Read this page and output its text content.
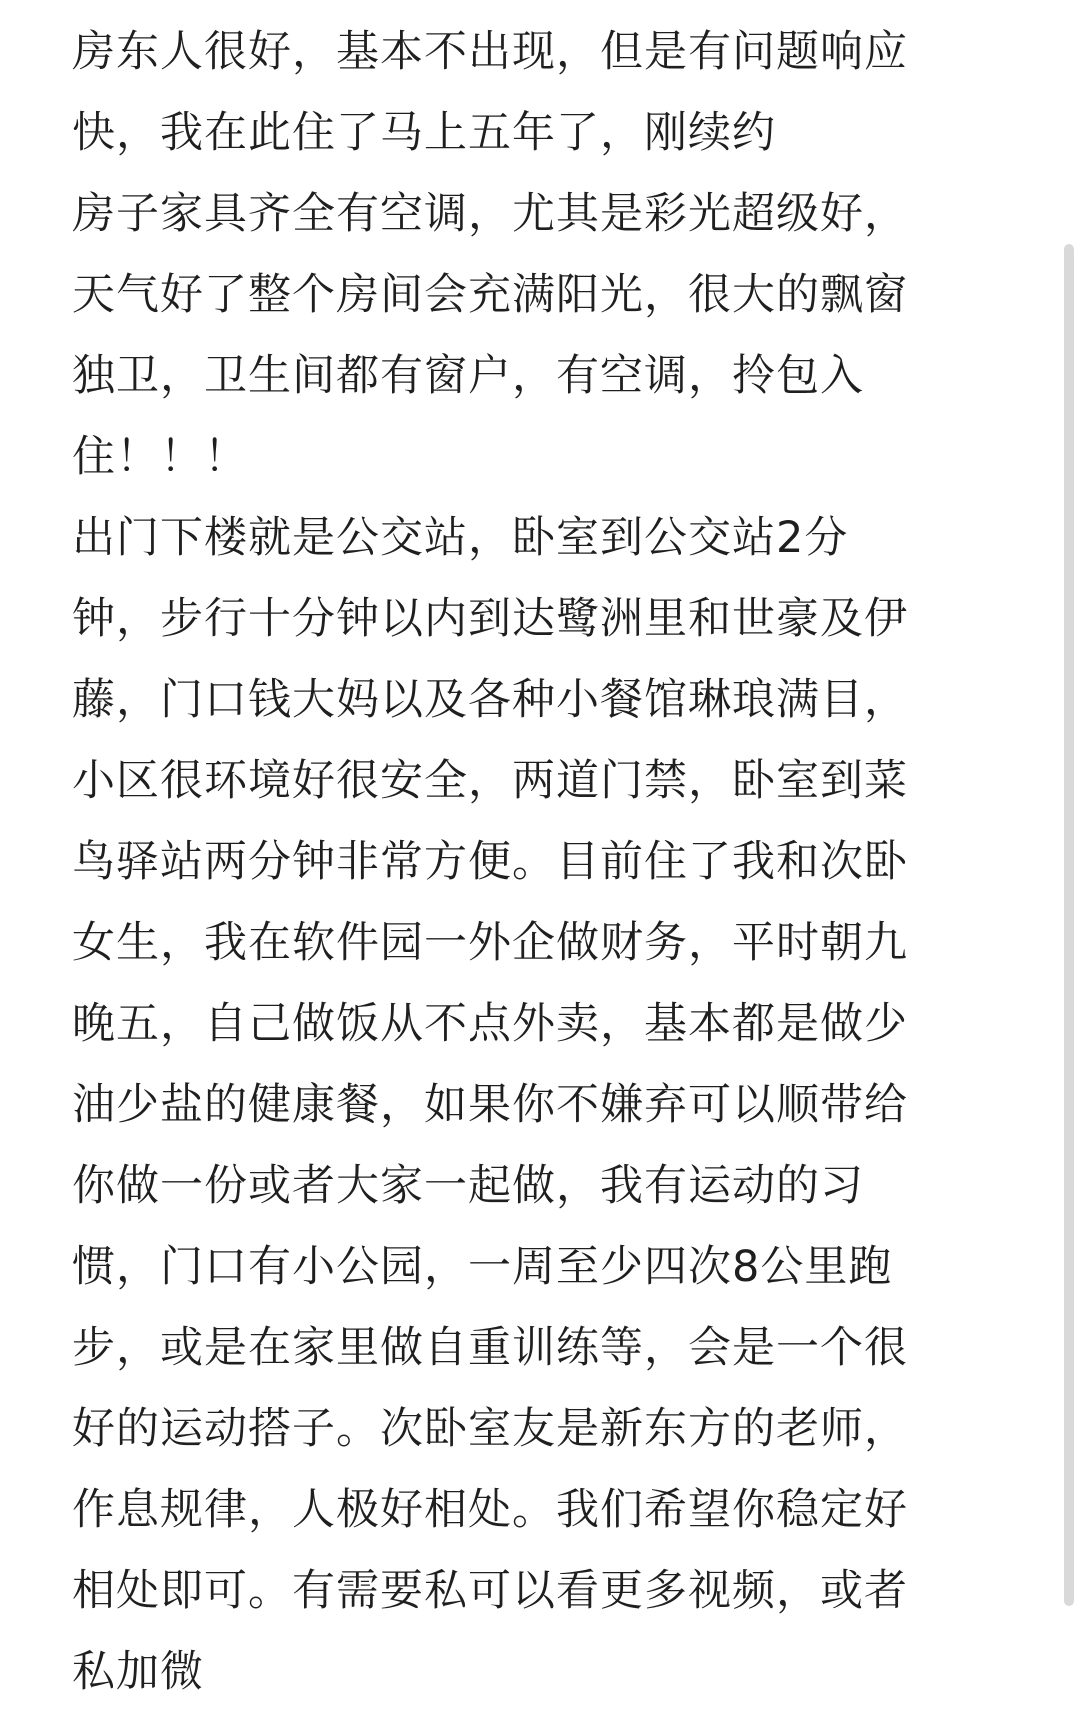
房东人很好，基本不出现，但是有问题响应
快，我在此住了马上五年了，刚续约
房子家具齐全有空调，尤其是彩光超级好，
天气好了整个房间会充满阳光，很大的飘窗
独卫，卫生间都有窗户，有空调，拎包入
住！！！
出门下楼就是公交站，卧室到公交站2分
钟，步行十分钟以内到达鹭洲里和世豪及伊
藤，门口钱大妈以及各种小餐馆琳琅满目，
小区很环境好很安全，两道门禁，卧室到菜
鸟驿站两分钟非常方便。目前住了我和次卧
女生，我在软件园一外企做财务，平时朝九
晚五，自己做饭从不点外卖，基本都是做少
油少盐的健康餐，如果你不嫌弃可以顺带给
你做一份或者大家一起做，我有运动的习
惯，门口有小公园，一周至少四次8公里跑
步，或是在家里做自重训练等，会是一个很
好的运动搭子。次卧室友是新东方的老师，
作息规律，人极好相处。我们希望你稳定好
相处即可。有需要私可以看更多视频，或者
私加微
